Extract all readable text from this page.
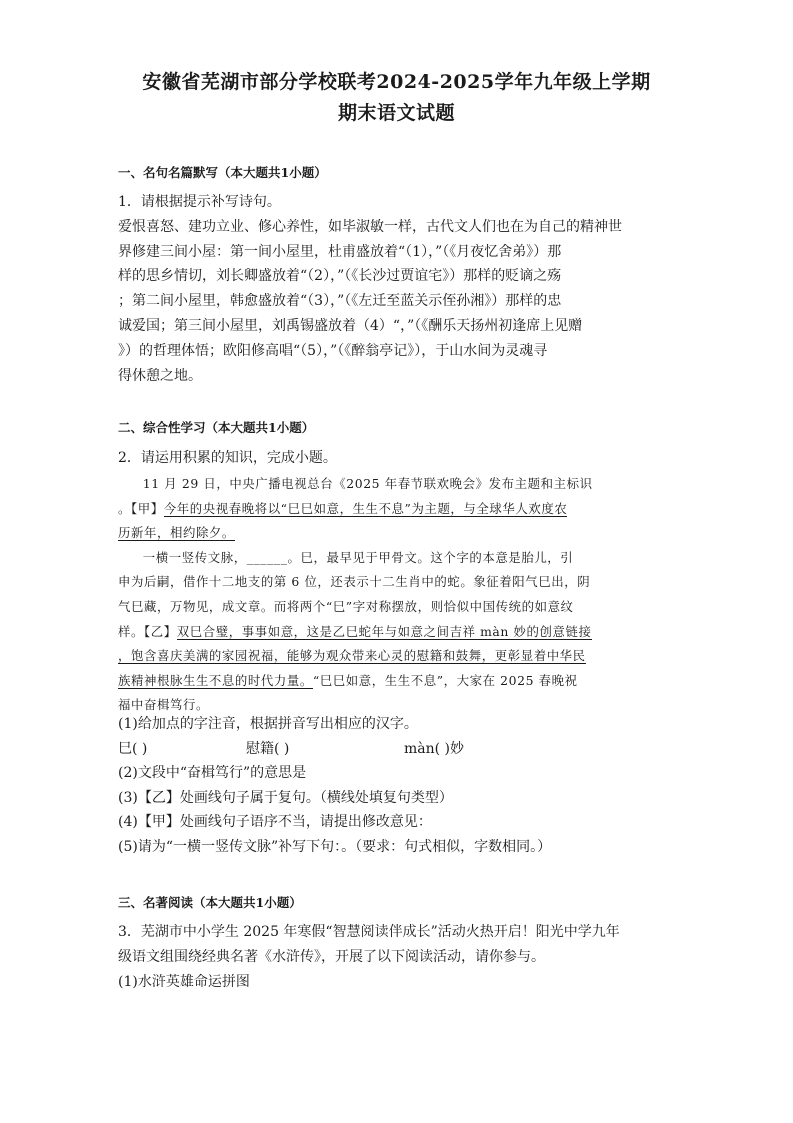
安徽省芜湖市部分学校联考2024-2025学年九年级上学期
期末语文试题
一、名句名篇默写（本大题共1小题）

1．请根据提示补写诗句。

爱恨喜怒、建功立业、修心养性，如毕淑敏一样，古代文人们也在为自己的精神世

界修建三间小屋：第一间小屋里，杜甫盛放着“（1），”（《月夜忆舍弟》）那

样的思乡情切，刘长卿盛放着“（2），”（《长沙过贾谊宅》）那样的贬谪之殇

；第二间小屋里，韩愈盛放着“（3），”（《左迁至蓝关示侄孙湘》）那样的忠

诚爱国；第三间小屋里，刘禹锡盛放着（4）“，”（《酬乐天扬州初逢席上见赠

》）的哲理体悟；欧阳修高唱“（5），”（《醉翁亭记》），于山水间为灵魂寻

得休憩之地。

二、综合性学习（本大题共1小题）

2．请运用积累的知识，完成小题。

11 月 29 日，中央广播电视总台《2025 年春节联欢晚会》发布主题和主标识

。【甲】今年的央视春晚将以“巳巳如意，生生不息”为主题，与全球华人欢度农

历新年，相约除夕。

一横一竖传文脉，______。巳，最早见于甲骨文。这个字的本意是胎儿，引

申为后嗣，借作十二地支的第 6 位，还表示十二生肖中的蛇。象征着阳气巳出，阴

气巳藏，万物见，成文章。而将两个“巳”字对称摆放，则恰似中国传统的如意纹

样。【乙】双巳合璧，事事如意，这是乙巳蛇年与如意之间吉祥 màn 妙的创意链接

，饱含喜庆美满的家园祝福，能够为观众带来心灵的慰籍和鼓舞，更彰显着中华民

族精神根脉生生不息的时代力量。“巳巳如意，生生不息”，大家在 2025 春晚祝

福中奋楫笃行。

(1)给加点的字注音，根据拼音写出相应的汉字。

巳( )	慰籍( )	màn( )妙

(2)文段中“奋楫笃行”的意思是

(3)【乙】处画线句子属于复句。（横线处填复句类型）

(4)【甲】处画线句子语序不当，请提出修改意见：

(5)请为“一横一竖传文脉”补写下句：。（要求：句式相似，字数相同。）

三、名著阅读（本大题共1小题）

3．芜湖市中小学生 2025 年寒假“智慧阅读伴成长”活动火热开启！阳光中学九年

级语文组围绕经典名著《水浒传》，开展了以下阅读活动，请你参与。

(1)水浒英雄命运拼图
